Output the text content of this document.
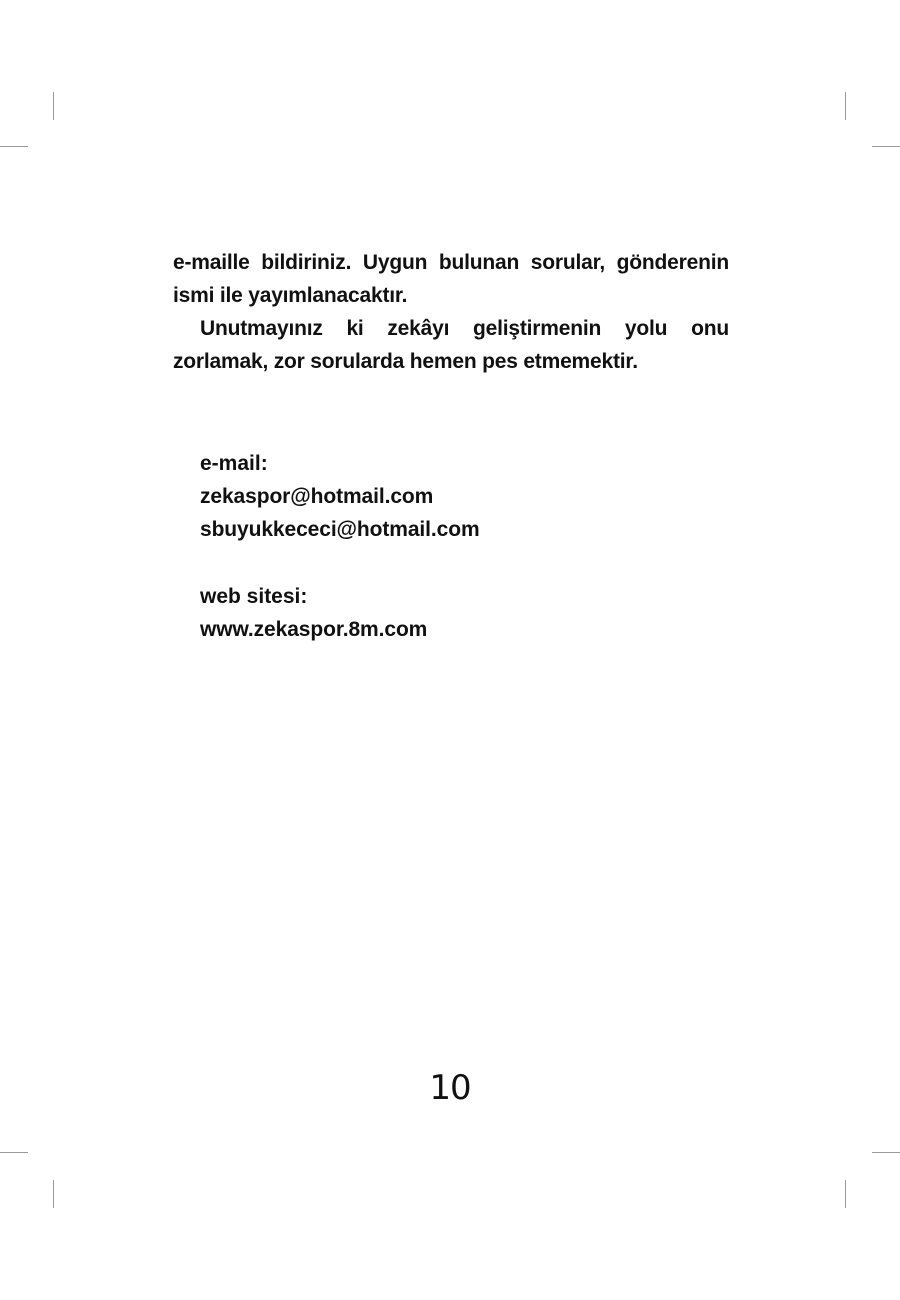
e-maille bildiriniz. Uygun bulunan sorular, gönderenin ismi ile yayımlanacaktır.

Unutmayınız ki zekâyı geliştirmenin yolu onu zorlamak, zor sorularda hemen pes etmemektir.

e-mail:
zekaspor@hotmail.com
sbuyukkececi@hotmail.com
web sitesi:
www.zekaspor.8m.com
10
